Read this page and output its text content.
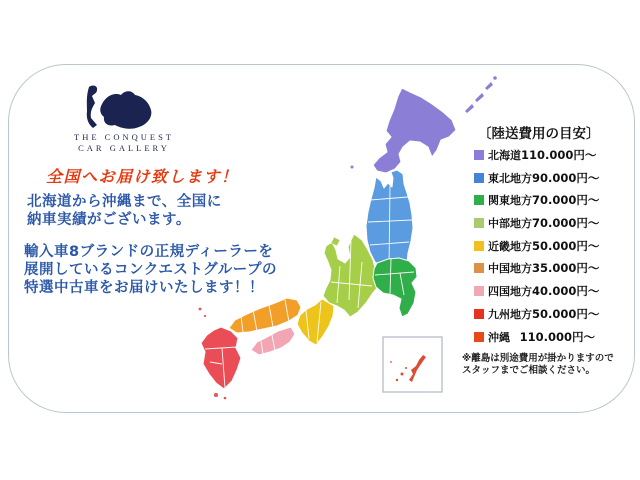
THE CONQUEST
CAR GALLERY
全国へお届け致します！
北海道から沖縄まで、全国に
納車実績がございます。
輸入車8ブランドの正規ディーラーを
展開しているコンクエストグループの
特選中古車をお届けいたします！！
〔陸送費用の目安〕
北海道 110.000円～
東北地方 90.000円～
関東地方 70.000円～
中部地方 70.000円～
近畿地方 50.000円～
中国地方 35.000円～
四国地方 40.000円～
九州地方 50.000円～
沖縄 110.000円～
※離島は別途費用が掛かりますので
スタッフまでご相談ください。
